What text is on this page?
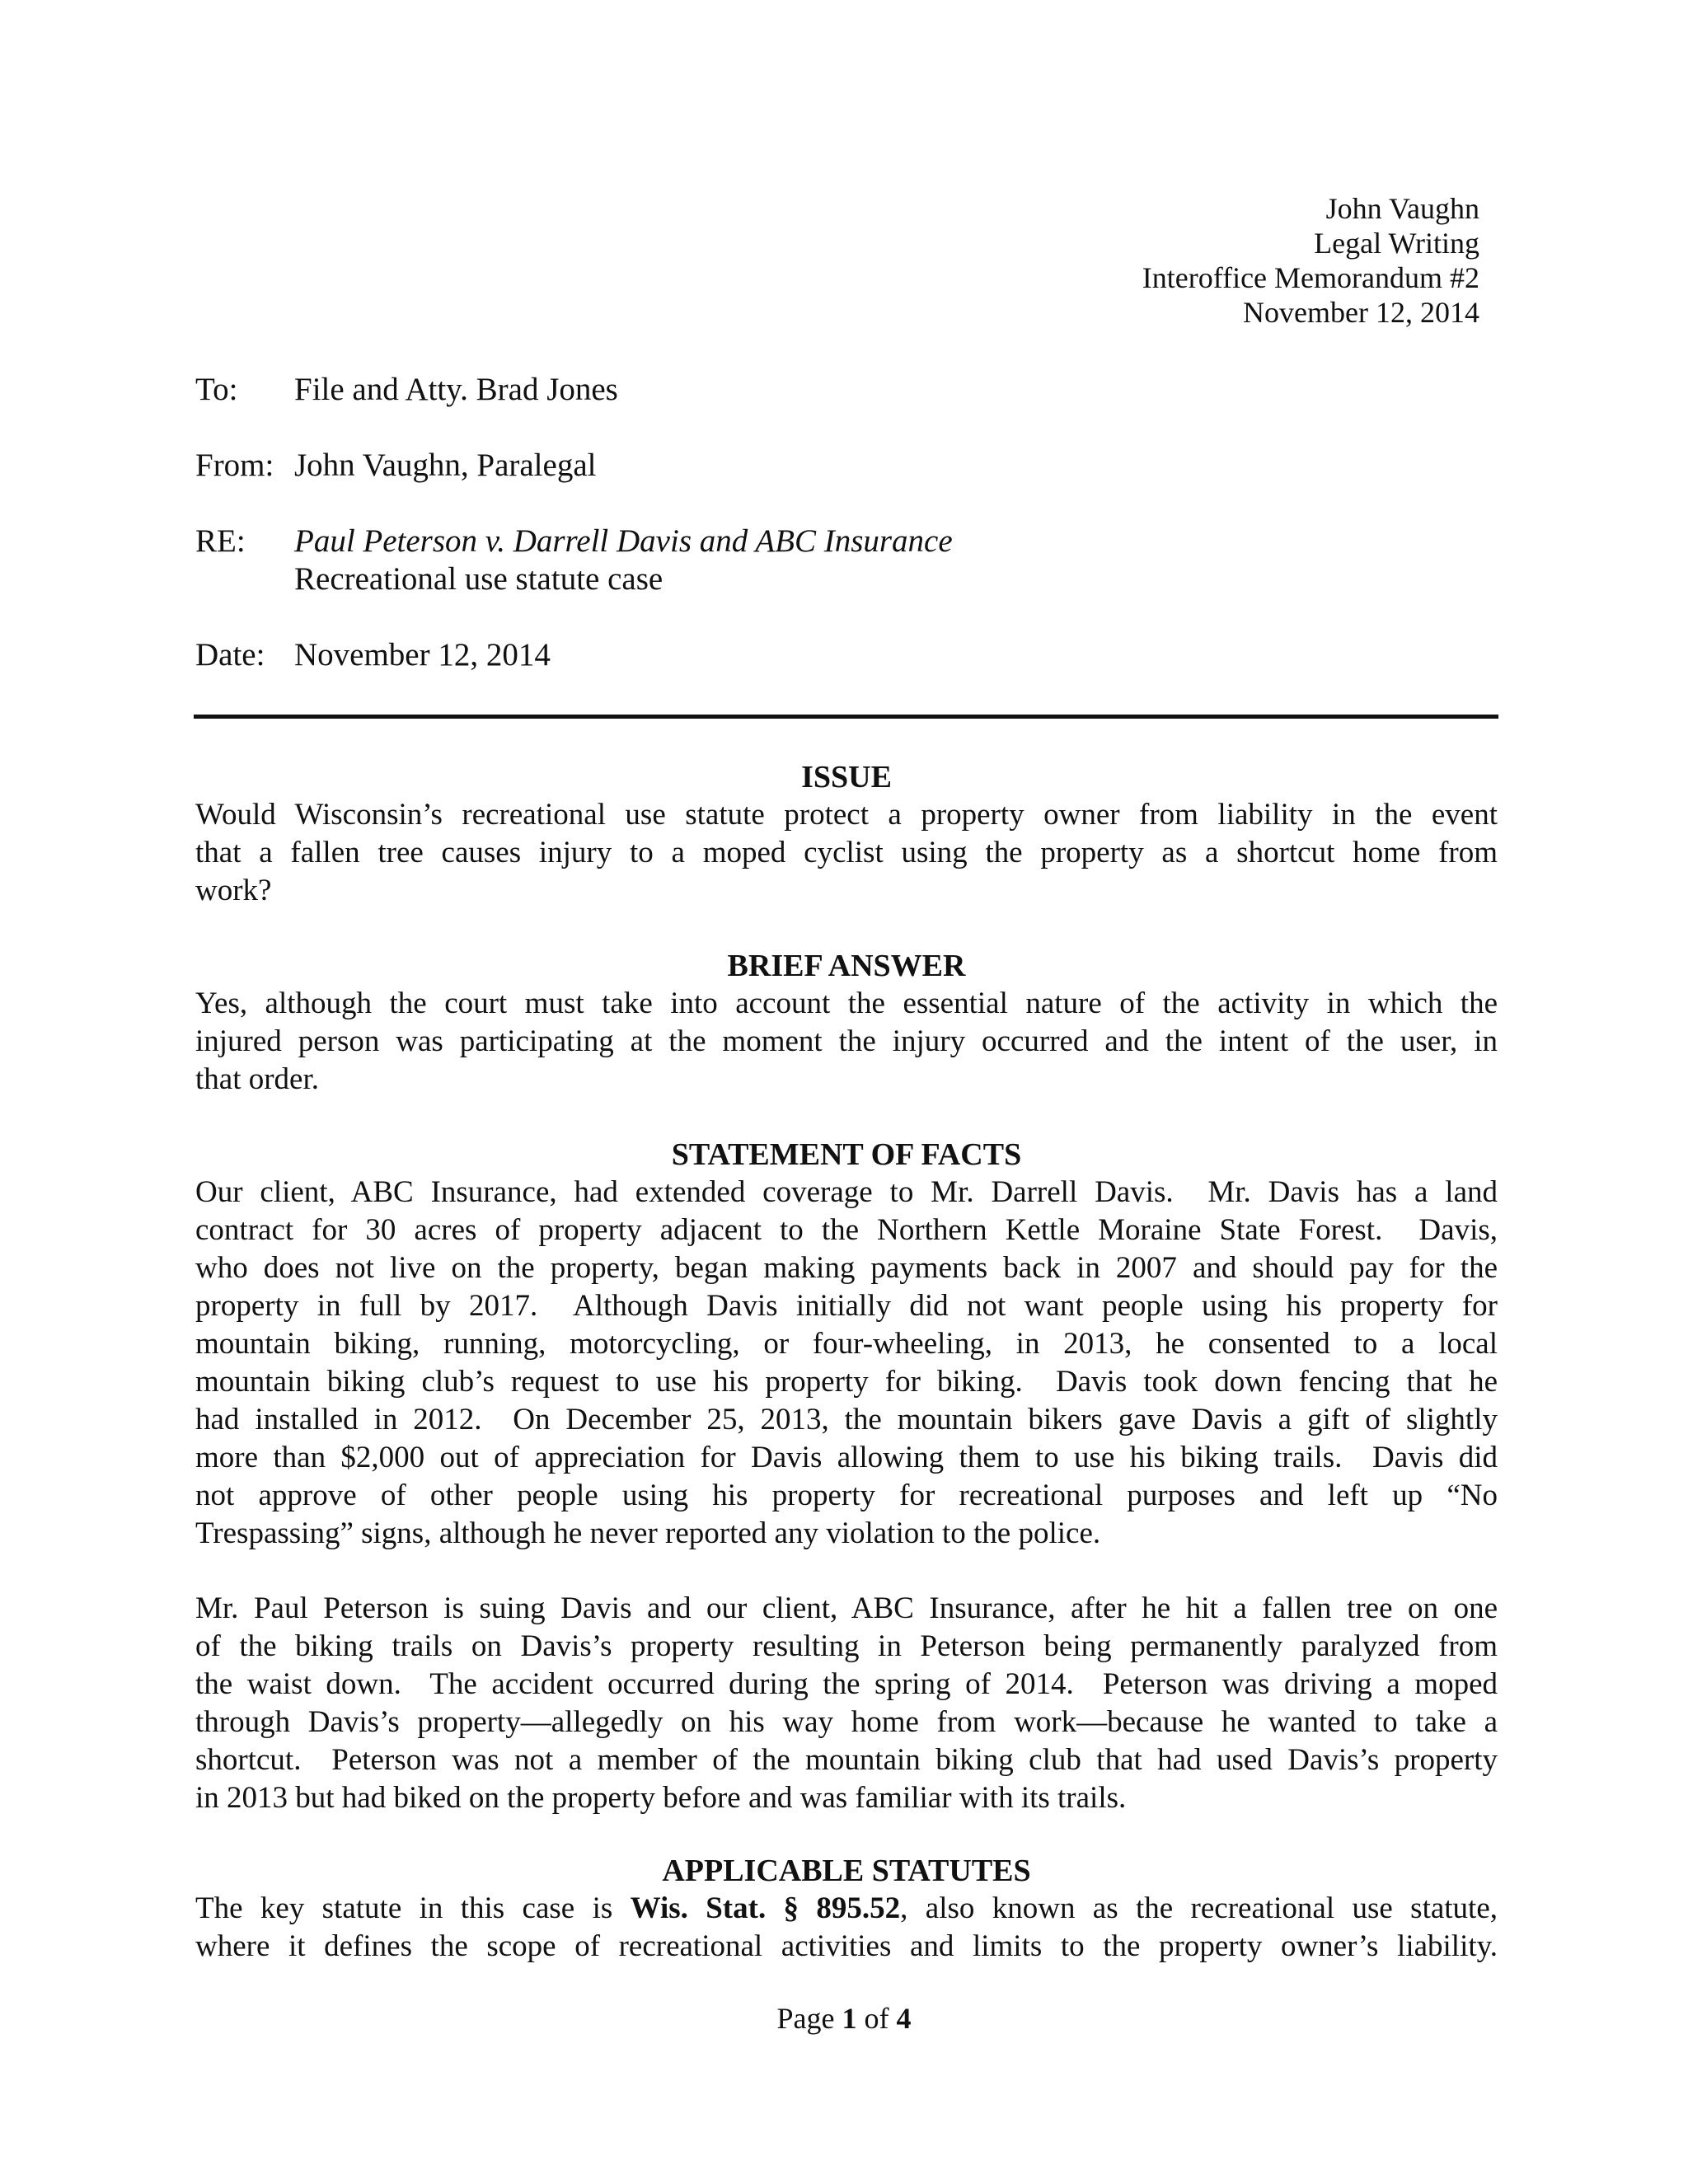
John Vaughn
Legal Writing
Interoffice Memorandum #2
November 12, 2014
To: File and Atty. Brad Jones
From: John Vaughn, Paralegal
RE: Paul Peterson v. Darrell Davis and ABC Insurance
Recreational use statute case
Date: November 12, 2014
ISSUE
Would Wisconsin’s recreational use statute protect a property owner from liability in the event
that a fallen tree causes injury to a moped cyclist using the property as a shortcut home from
work?
BRIEF ANSWER
Yes, although the court must take into account the essential nature of the activity in which the
injured person was participating at the moment the injury occurred and the intent of the user, in
that order.
STATEMENT OF FACTS
Our client, ABC Insurance, had extended coverage to Mr. Darrell Davis.  Mr. Davis has a land
contract for 30 acres of property adjacent to the Northern Kettle Moraine State Forest.  Davis,
who does not live on the property, began making payments back in 2007 and should pay for the
property in full by 2017.  Although Davis initially did not want people using his property for
mountain biking, running, motorcycling, or four-wheeling, in 2013, he consented to a local
mountain biking club’s request to use his property for biking.  Davis took down fencing that he
had installed in 2012.  On December 25, 2013, the mountain bikers gave Davis a gift of slightly
more than $2,000 out of appreciation for Davis allowing them to use his biking trails.  Davis did
not approve of other people using his property for recreational purposes and left up “No
Trespassing” signs, although he never reported any violation to the police.
Mr. Paul Peterson is suing Davis and our client, ABC Insurance, after he hit a fallen tree on one
of the biking trails on Davis’s property resulting in Peterson being permanently paralyzed from
the waist down.  The accident occurred during the spring of 2014.  Peterson was driving a moped
through Davis’s property—allegedly on his way home from work—because he wanted to take a
shortcut.  Peterson was not a member of the mountain biking club that had used Davis’s property
in 2013 but had biked on the property before and was familiar with its trails.
APPLICABLE STATUTES
The key statute in this case is Wis. Stat. § 895.52, also known as the recreational use statute,
where it defines the scope of recreational activities and limits to the property owner’s liability.
Page 1 of 4
